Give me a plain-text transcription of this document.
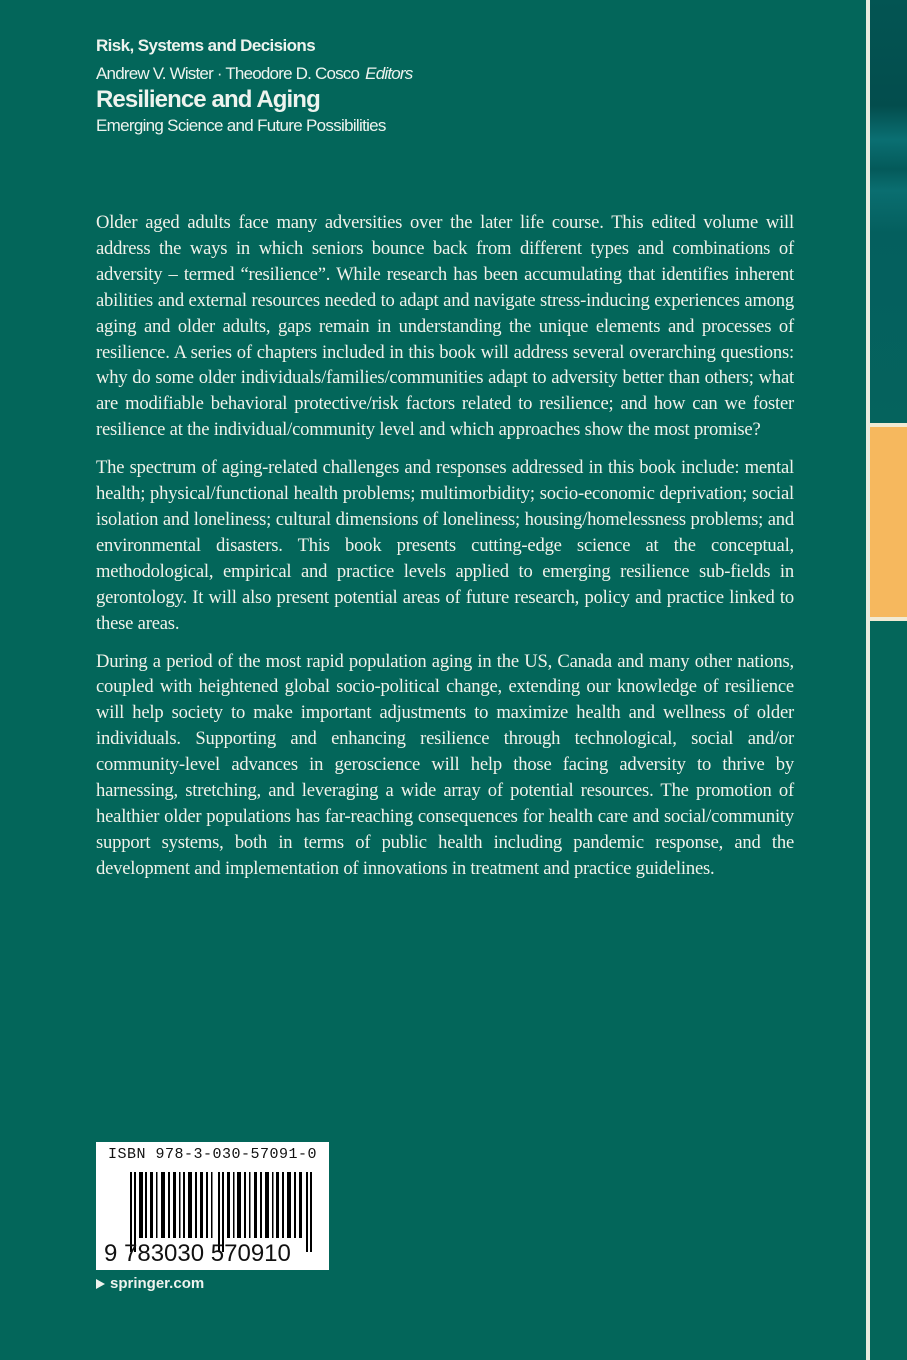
Risk, Systems and Decisions
Andrew V. Wister · Theodore D. Cosco Editors
Resilience and Aging
Emerging Science and Future Possibilities

Older aged adults face many adversities over the later life course. This edited volume will address the ways in which seniors bounce back from different types and combinations of adversity – termed “resilience”. While research has been accumulating that identifies inherent abilities and external resources needed to adapt and navigate stress-inducing experiences among aging and older adults, gaps remain in understanding the unique elements and processes of resilience. A series of chapters included in this book will address several overarching questions: why do some older individuals/families/communities adapt to adversity better than others; what are modifiable behavioral protective/risk factors related to resilience; and how can we foster resilience at the individual/community level and which approaches show the most promise?

The spectrum of aging-related challenges and responses addressed in this book include: mental health; physical/functional health problems; multimorbidity; socio-economic deprivation; social isolation and loneliness; cultural dimensions of loneliness; housing/homelessness problems; and environmental disasters. This book presents cutting-edge science at the conceptual, methodological, empirical and practice levels applied to emerging resilience sub-fields in gerontology. It will also present potential areas of future research, policy and practice linked to these areas.

During a period of the most rapid population aging in the US, Canada and many other nations, coupled with heightened global socio-political change, extending our knowledge of resilience will help society to make important adjustments to maximize health and wellness of older individuals. Supporting and enhancing resilience through technological, social and/or community-level advances in geroscience will help those facing adversity to thrive by harnessing, stretching, and leveraging a wide array of potential resources. The promotion of healthier older populations has far-reaching consequences for health care and social/community support systems, both in terms of public health including pandemic response, and the development and implementation of innovations in treatment and practice guidelines.

ISBN 978-3-030-57091-0
9 783030 570910
springer.com
